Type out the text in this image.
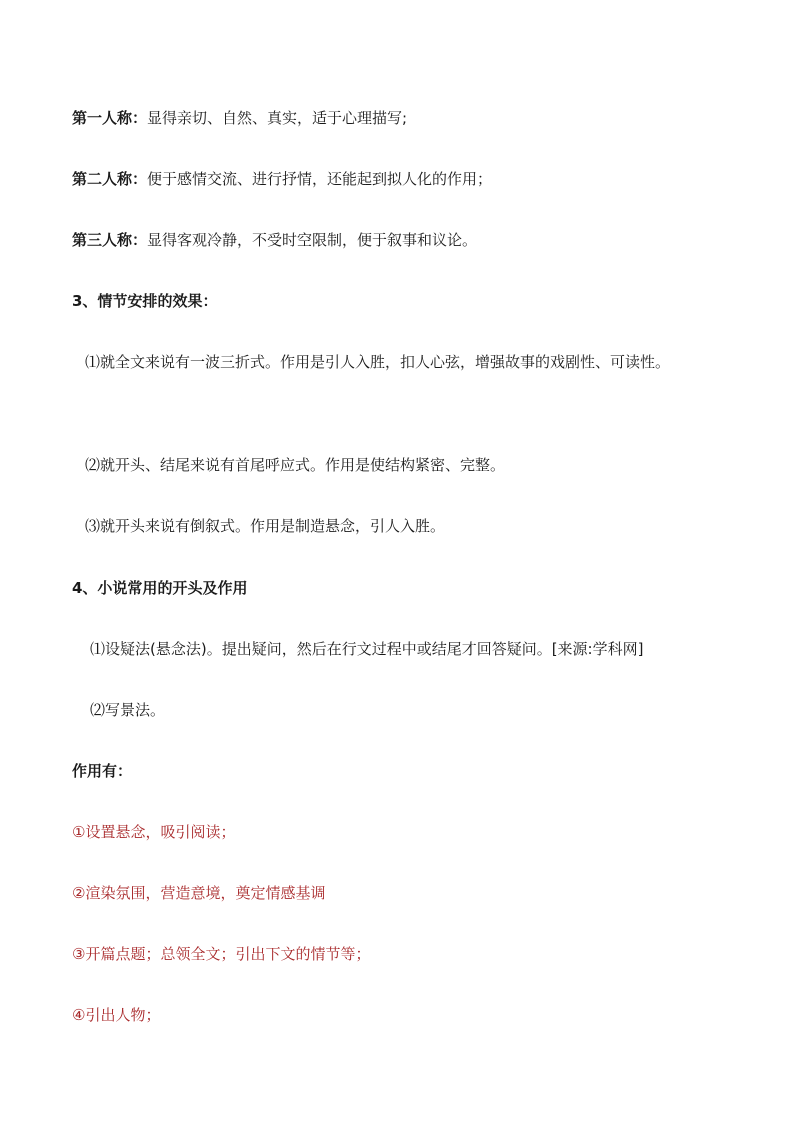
第一人称：显得亲切、自然、真实，适于心理描写;
第二人称：便于感情交流、进行抒情，还能起到拟人化的作用；
第三人称：显得客观冷静，不受时空限制，便于叙事和议论。
3、情节安排的效果：
⑴就全文来说有一波三折式。作用是引人入胜，扣人心弦，增强故事的戏剧性、可读性。
⑵就开头、结尾来说有首尾呼应式。作用是使结构紧密、完整。
⑶就开头来说有倒叙式。作用是制造悬念，引人入胜。
4、小说常用的开头及作用
⑴设疑法(悬念法)。提出疑问，然后在行文过程中或结尾才回答疑问。[来源:学科网]
⑵写景法。
作用有：
①设置悬念，吸引阅读；
②渲染氛围，营造意境，奠定情感基调
③开篇点题；总领全文；引出下文的情节等；
④引出人物；
